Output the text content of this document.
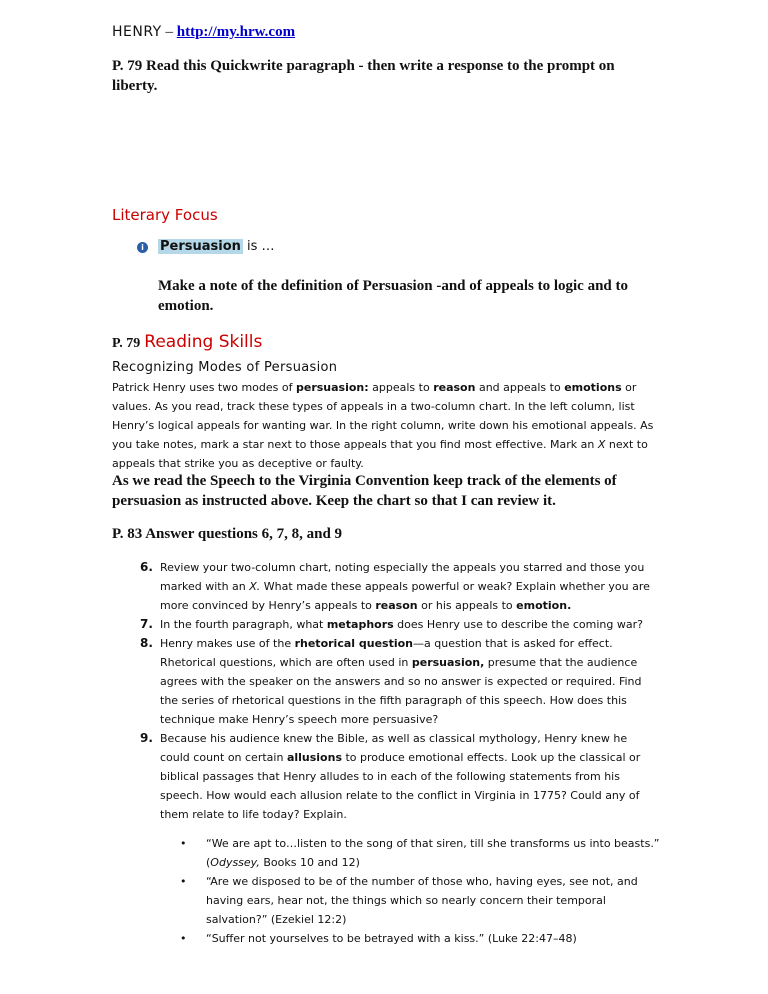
HENRY – http://my.hrw.com
P. 79 Read this Quickwrite paragraph - then write a response to the prompt on liberty.
Literary Focus
i	Persuasion is …
Make a note of the definition of Persuasion -and of appeals to logic and to emotion.
P. 79 Reading Skills
Recognizing Modes of Persuasion
Patrick Henry uses two modes of persuasion: appeals to reason and appeals to emotions or values. As you read, track these types of appeals in a two-column chart. In the left column, list Henry’s logical appeals for wanting war. In the right column, write down his emotional appeals. As you take notes, mark a star next to those appeals that you find most effective. Mark an X next to appeals that strike you as deceptive or faulty.
As we read the Speech to the Virginia Convention keep track of the elements of persuasion as instructed above. Keep the chart so that I can review it.
P. 83 Answer questions 6, 7, 8, and 9
6. Review your two-column chart, noting especially the appeals you starred and those you marked with an X. What made these appeals powerful or weak? Explain whether you are more convinced by Henry’s appeals to reason or his appeals to emotion.
7. In the fourth paragraph, what metaphors does Henry use to describe the coming war?
8. Henry makes use of the rhetorical question—a question that is asked for effect. Rhetorical questions, which are often used in persuasion, presume that the audience agrees with the speaker on the answers and so no answer is expected or required. Find the series of rhetorical questions in the fifth paragraph of this speech. How does this technique make Henry’s speech more persuasive?
9. Because his audience knew the Bible, as well as classical mythology, Henry knew he could count on certain allusions to produce emotional effects. Look up the classical or biblical passages that Henry alludes to in each of the following statements from his speech. How would each allusion relate to the conflict in Virginia in 1775? Could any of them relate to life today? Explain.
• “We are apt to…listen to the song of that siren, till she transforms us into beasts.” (Odyssey, Books 10 and 12)
• “Are we disposed to be of the number of those who, having eyes, see not, and having ears, hear not, the things which so nearly concern their temporal salvation?” (Ezekiel 12:2)
• “Suffer not yourselves to be betrayed with a kiss.” (Luke 22:47–48)
